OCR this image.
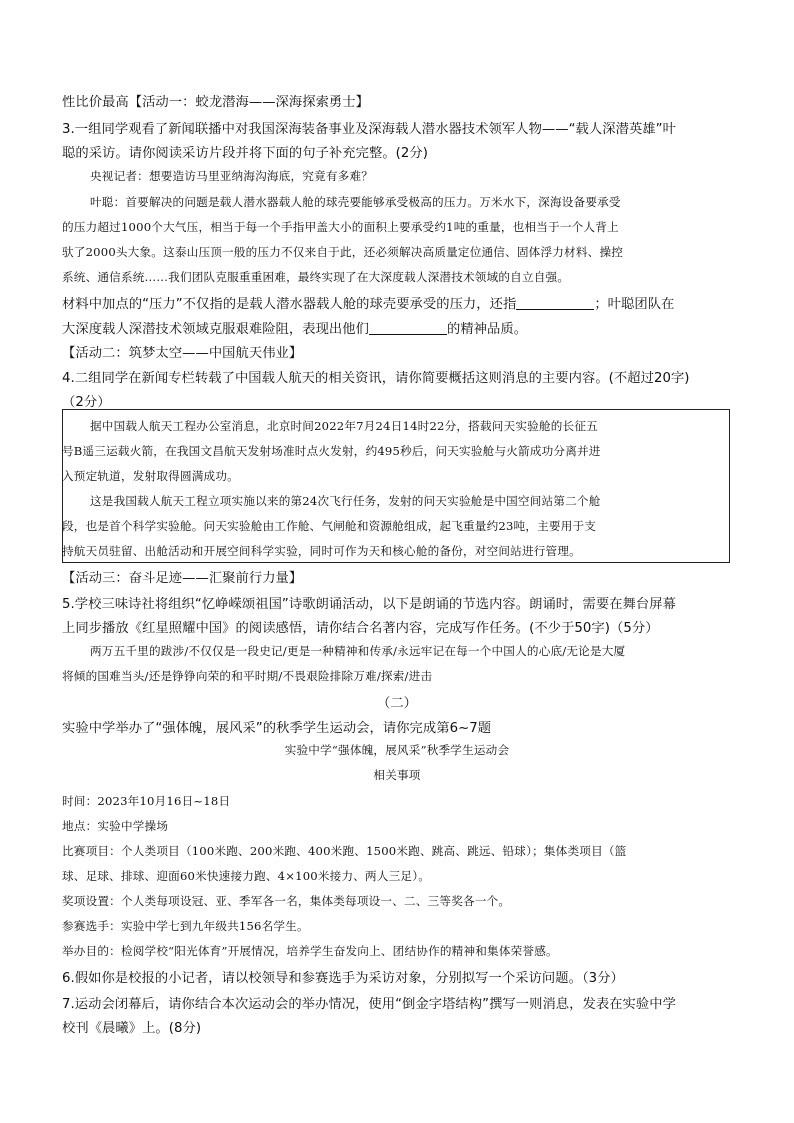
性比价最高【活动一：蛟龙潜海——深海探索勇士】
3.一组同学观看了新闻联播中对我国深海装备事业及深海载人潜水器技术领军人物——“载人深潜英雄”叶
聪的采访。请你阅读采访片段并将下面的句子补充完整。(2分)
央视记者：想要造访马里亚纳海沟海底，究竟有多难？
叶聪：首要解决的问题是载人潜水器载人舱的球壳要能够承受极高的压力。万米水下，深海设备要承受
的压力超过1000个大气压，相当于每一个手指甲盖大小的面积上要承受约1吨的重量，也相当于一个人背上
驮了2000头大象。这泰山压顶一般的压力不仅来自于此，还必须解决高质量定位通信、固体浮力材料、操控
系统、通信系统……我们团队克服重重困难，最终实现了在大深度载人深潜技术领域的自立自强。
材料中加点的“压力”不仅指的是载人潜水器载人舱的球壳要承受的压力，还指	；叶聪团队在
大深度载人深潜技术领域克服艰难险阻，表现出他们	的精神品质。
【活动二：筑梦太空——中国航天伟业】
4.二组同学在新闻专栏转载了中国载人航天的相关资讯，请你简要概括这则消息的主要内容。(不超过20字)
（2分）
据中国载人航天工程办公室消息，北京时间2022年7月24日14时22分，搭载问天实验舱的长征五
号B遥三运载火箭，在我国文昌航天发射场准时点火发射，约495秒后，问天实验舱与火箭成功分离并进
入预定轨道，发射取得圆满成功。
这是我国载人航天工程立项实施以来的第24次飞行任务，发射的问天实验舱是中国空间站第二个舱
段，也是首个科学实验舱。问天实验舱由工作舱、气闸舱和资源舱组成，起飞重量约23吨，主要用于支
持航天员驻留、出舱活动和开展空间科学实验，同时可作为天和核心舱的备份，对空间站进行管理。
【活动三：奋斗足迹——汇聚前行力量】
5.学校三味诗社将组织“忆峥嵘颂祖国”诗歌朗诵活动，以下是朗诵的节选内容。朗诵时，需要在舞台屏幕
上同步播放《红星照耀中国》的阅读感悟，请你结合名著内容，完成写作任务。(不少于50字)（5分）
两万五千里的跋涉/不仅仅是一段史记/更是一种精神和传承/永远牢记在每一个中国人的心底/无论是大厦
将倾的国难当头/还是铮铮向荣的和平时期/不畏艰险排除万难/探索/进击
（二）
实验中学举办了“强体魄，展风采”的秋季学生运动会，请你完成第6~7题
实验中学“强体魄，展风采”秋季学生运动会
相关事项
时间：2023年10月16日~18日
地点：实验中学操场
比赛项目：个人类项目（100米跑、200米跑、400米跑、1500米跑、跳高、跳远、铅球）；集体类项目（篮
球、足球、排球、迎面60米快速接力跑、4×100米接力、两人三足）。
奖项设置：个人类每项设冠、亚、季军各一名，集体类每项设一、二、三等奖各一个。
参赛选手：实验中学七到九年级共156名学生。
举办目的：检阅学校“阳光体育”开展情况，培养学生奋发向上、团结协作的精神和集体荣誉感。
6.假如你是校报的小记者，请以校领导和参赛选手为采访对象，分别拟写一个采访问题。（3分）
7.运动会闭幕后，请你结合本次运动会的举办情况，使用“倒金字塔结构”撰写一则消息，发表在实验中学
校刊《晨曦》上。(8分)
